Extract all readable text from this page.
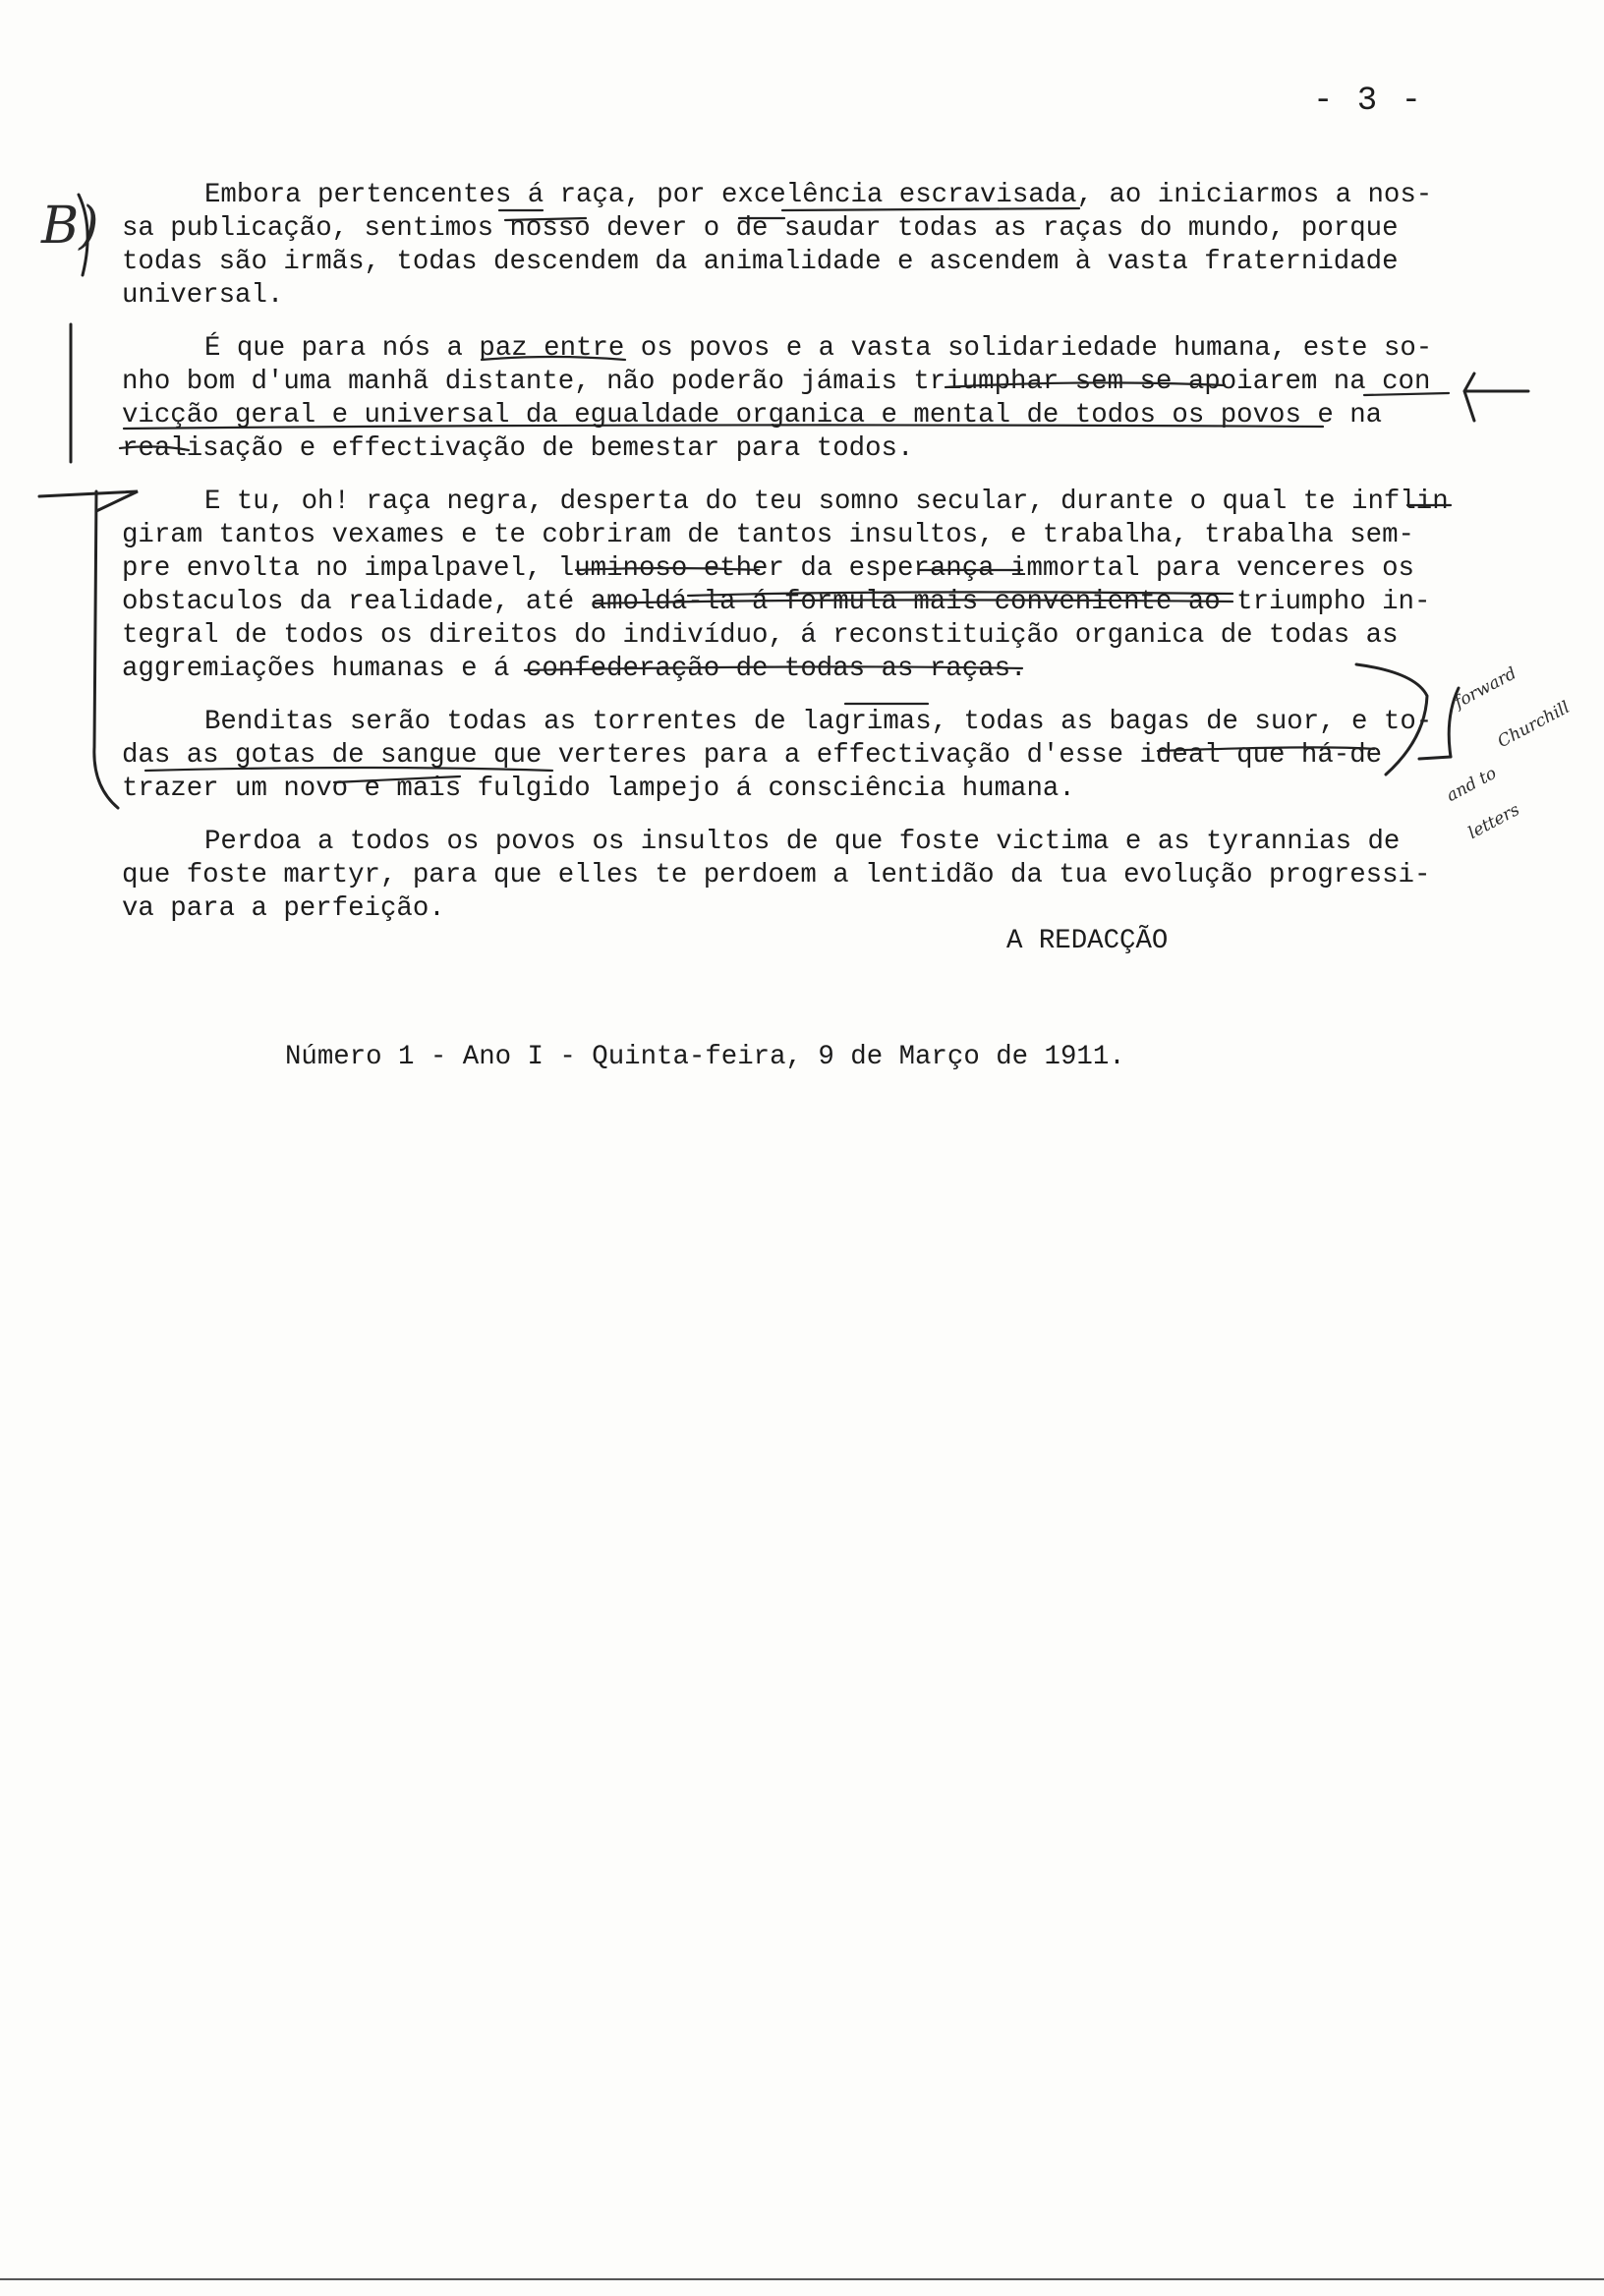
- 3 -
B)
Embora pertencentes á raça, por excelência escravisada, ao iniciarmos a nos-
sa publicação, sentimos nosso dever o de saudar todas as raças do mundo, porque
todas são irmãs, todas descendem da animalidade e ascendem à vasta fraternidade
universal.
É que para nós a paz entre os povos e a vasta solidariedade humana, este so-
nho bom d'uma manhã distante, não poderão jámais triumphar sem se apoiarem na con
vicção geral e universal da egualdade organica e mental de todos os povos e na
realisação e effectivação de bemestar para todos.
E tu, oh! raça negra, desperta do teu somno secular, durante o qual te inflin
giram tantos vexames e te cobriram de tantos insultos, e trabalha, trabalha sem-
pre envolta no impalpavel, luminoso ether da esperança immortal para venceres os
obstaculos da realidade, até amoldá-la á formula mais conveniente ao triumpho in-
tegral de todos os direitos do indivíduo, á reconstituição organica de todas as
aggremiações humanas e á confederação de todas as raças.
Benditas serão todas as torrentes de lagrimas, todas as bagas de suor, e to-
das as gotas de sangue que verteres para a effectivação d'esse ideal que há-de
trazer um novo e mais fulgido lampejo á consciência humana.
Perdoa a todos os povos os insultos de que foste victima e as tyrannias de
que foste martyr, para que elles te perdoem a lentidão da tua evolução progressi-
va para a perfeição.
A REDACÇÃO
Número 1 - Ano I - Quinta-feira, 9 de Março de 1911.
forward
Churchill
and to
letters
